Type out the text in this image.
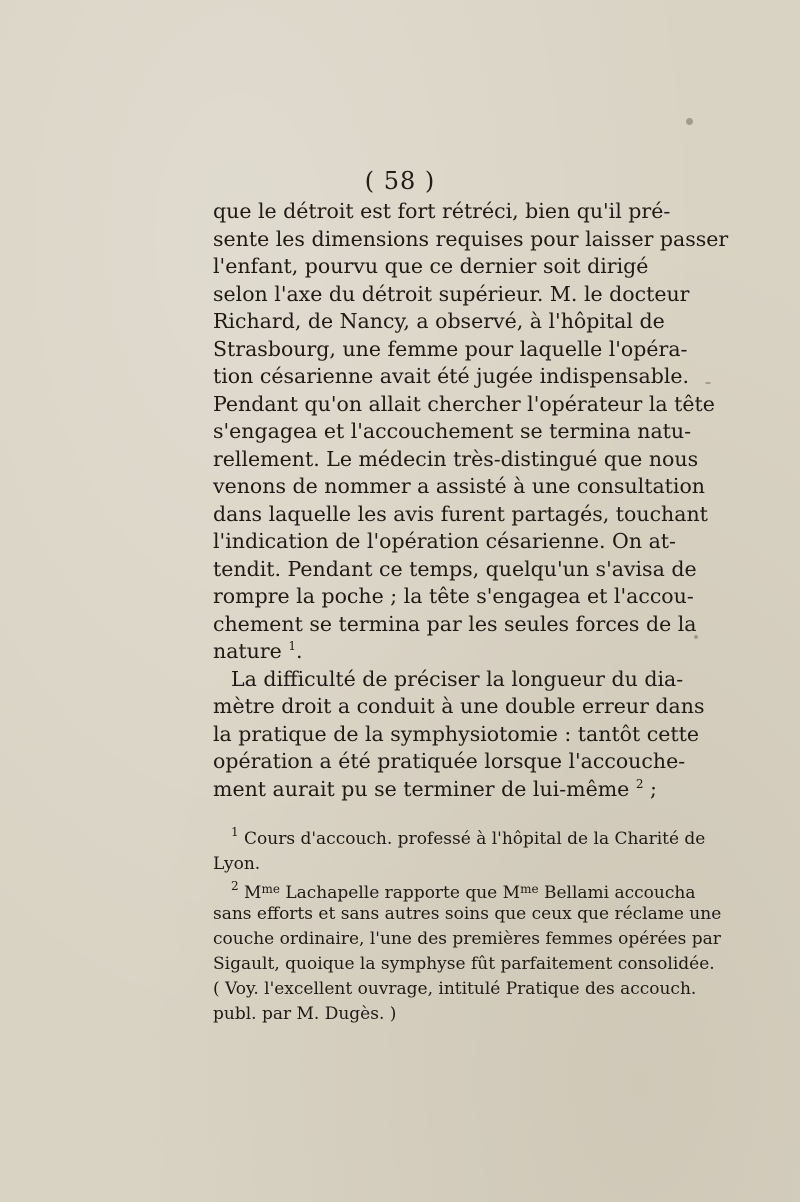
( 58 )
que le détroit est fort rétréci, bien qu'il pré-
sente les dimensions requises pour laisser passer
l'enfant, pourvu que ce dernier soit dirigé
selon l'axe du détroit supérieur. M. le docteur
Richard, de Nancy, a observé, à l'hôpital de
Strasbourg, une femme pour laquelle l'opéra-
tion césarienne avait été jugée indispensable.
Pendant qu'on allait chercher l'opérateur la tête
s'engagea et l'accouchement se termina natu-
rellement. Le médecin très-distingué que nous
venons de nommer a assisté à une consultation
dans laquelle les avis furent partagés, touchant
l'indication de l'opération césarienne. On at-
tendit. Pendant ce temps, quelqu'un s'avisa de
rompre la poche ; la tête s'engagea et l'accou-
chement se termina par les seules forces de la
nature $^1$.
La difficulté de préciser la longueur du dia-
mètre droit a conduit à une double erreur dans
la pratique de la symphysiotomie : tantôt cette
opération a été pratiquée lorsque l'accouche-
ment aurait pu se terminer de lui-même $^2$ ;
$^1$ Cours d'accouch. professé à l'hôpital de la Charité de
Lyon.
$^2$ $M^{me}$ Lachapelle rapporte que $M^{me}$ Bellami accoucha
sans efforts et sans autres soins que ceux que réclame une
couche ordinaire, l'une des premières femmes opérées par
Sigault, quoique la symphyse fût parfaitement consolidée.
( Voy. l'excellent ouvrage, intitulé Pratique des accouch.
publ. par M. Dugès. )
